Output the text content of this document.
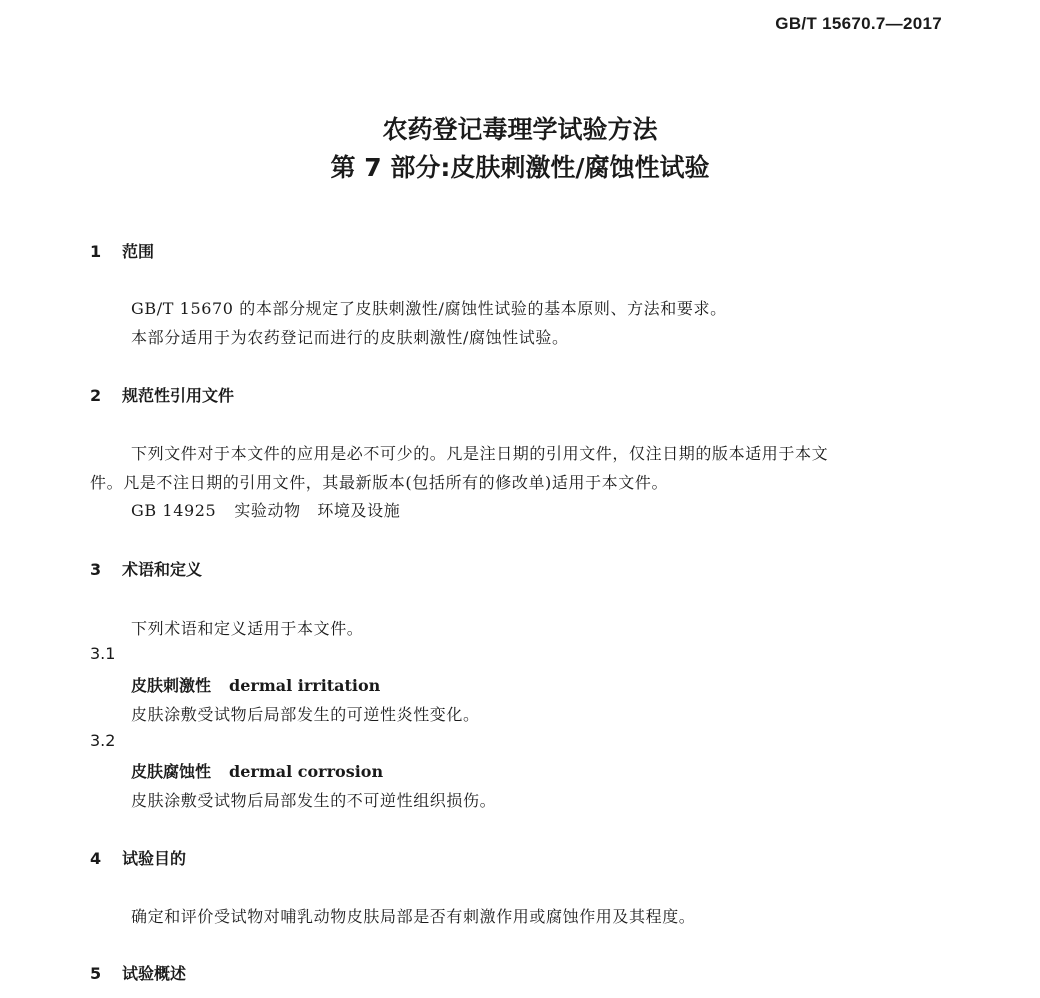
GB/T 15670.7—2017
农药登记毒理学试验方法
第 7 部分:皮肤刺激性/腐蚀性试验
1 范围
GB/T 15670 的本部分规定了皮肤刺激性/腐蚀性试验的基本原则、方法和要求。
本部分适用于为农药登记而进行的皮肤刺激性/腐蚀性试验。
2 规范性引用文件
下列文件对于本文件的应用是必不可少的。凡是注日期的引用文件，仅注日期的版本适用于本文
件。凡是不注日期的引用文件，其最新版本(包括所有的修改单)适用于本文件。
GB 14925 实验动物　环境及设施
3 术语和定义
下列术语和定义适用于本文件。
3.1
皮肤刺激性 dermal irritation
皮肤涂敷受试物后局部发生的可逆性炎性变化。
3.2
皮肤腐蚀性 dermal corrosion
皮肤涂敷受试物后局部发生的不可逆性组织损伤。
4 试验目的
确定和评价受试物对哺乳动物皮肤局部是否有刺激作用或腐蚀作用及其程度。
5 试验概述
